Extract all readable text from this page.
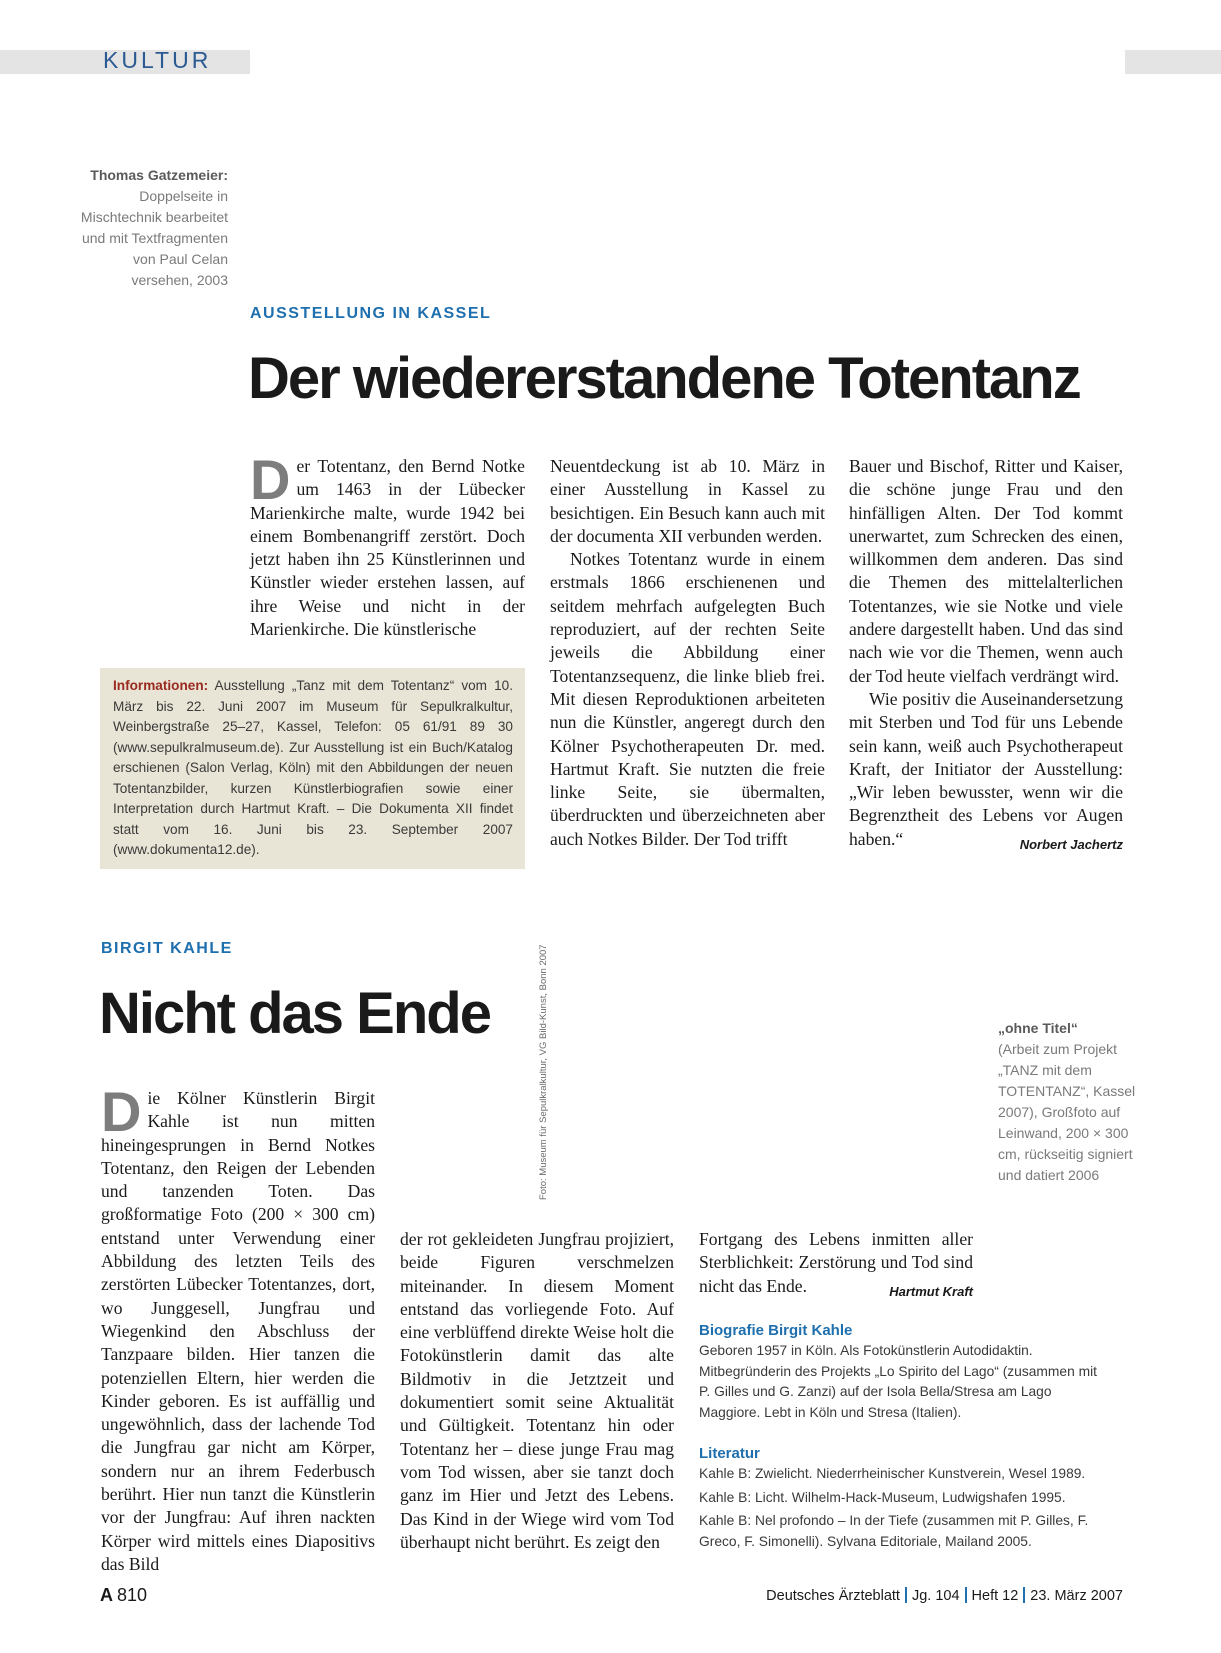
KULTUR
Thomas Gatzemeier: Doppelseite in Mischtechnik bearbeitet und mit Textfragmenten von Paul Celan versehen, 2003
AUSSTELLUNG IN KASSEL
Der wiedererstandene Totentanz
D er Totentanz, den Bernd Notke um 1463 in der Lübecker Marienkirche malte, wurde 1942 bei einem Bombenangriff zerstört. Doch jetzt haben ihn 25 Künstlerinnen und Künstler wieder erstehen lassen, auf ihre Weise und nicht in der Marienkirche. Die künstlerische

Informationen: Ausstellung „Tanz mit dem Totentanz“ vom 10. März bis 22. Juni 2007 im Museum für Sepulkralkultur, Weinbergstraße 25–27, Kassel, Telefon: 05 61/91 89 30 (www.sepulkralmuseum.de). Zur Ausstellung ist ein Buch/Katalog erschienen (Salon Verlag, Köln) mit den Abbildungen der neuen Totentanzbilder, kurzen Künstlerbiografien sowie einer Interpretation durch Hartmut Kraft. – Die Dokumenta XII findet statt vom 16. Juni bis 23. September 2007 (www.dokumenta12.de).

Neuentdeckung ist ab 10. März in einer Ausstellung in Kassel zu besichtigen. Ein Besuch kann auch mit der documenta XII verbunden werden.

Notkes Totentanz wurde in einem erstmals 1866 erschienenen und seitdem mehrfach aufgelegten Buch reproduziert, auf der rechten Seite jeweils die Abbildung einer Totentanzsequenz, die linke blieb frei. Mit diesen Reproduktionen arbeiteten nun die Künstler, angeregt durch den Kölner Psychotherapeuten Dr. med. Hartmut Kraft. Sie nutzten die freie linke Seite, sie übermalten, überdruckten und überzeichneten aber auch Notkes Bilder. Der Tod trifft

Bauer und Bischof, Ritter und Kaiser, die schöne junge Frau und den hinfälligen Alten. Der Tod kommt unerwartet, zum Schrecken des einen, willkommen dem anderen. Das sind die Themen des mittelalterlichen Totentanzes, wie sie Notke und viele andere dargestellt haben. Und das sind nach wie vor die Themen, wenn auch der Tod heute vielfach verdrängt wird.

Wie positiv die Auseinandersetzung mit Sterben und Tod für uns Lebende sein kann, weiß auch Psychotherapeut Kraft, der Initiator der Ausstellung: „Wir leben bewusster, wenn wir die Begrenztheit des Lebens vor Augen haben.“	Norbert Jachertz

BIRGIT KAHLE
Nicht das Ende	Foto: Museum für Sepulkralkultur, VG Bild-Kunst, Bonn 2007	„ohne Titel“
(Arbeit zum Projekt „TANZ mit dem TOTENTANZ“, Kassel 2007), Großfoto auf Leinwand, 200 × 300 cm, rückseitig signiert und datiert 2006
D ie Kölner Künstlerin Birgit Kahle ist nun mitten hineingesprungen in Bernd Notkes Totentanz, den Reigen der Lebenden und tanzenden Toten. Das großformatige Foto (200 × 300 cm) entstand unter Verwendung einer Abbildung des letzten Teils des zerstörten Lübecker Totentanzes, dort, wo Junggesell, Jungfrau und Wiegenkind den Abschluss der Tanzpaare bilden. Hier tanzen die potenziellen Eltern, hier werden die Kinder geboren. Es ist auffällig und ungewöhnlich, dass der lachende Tod die Jungfrau gar nicht am Körper, sondern nur an ihrem Federbusch berührt. Hier nun tanzt die Künstlerin vor der Jungfrau: Auf ihren nackten Körper wird mittels eines Diapositivs das Bild

der rot gekleideten Jungfrau projiziert, beide Figuren verschmelzen miteinander. In diesem Moment entstand das vorliegende Foto. Auf eine verblüffend direkte Weise holt die Fotokünstlerin damit das alte Bildmotiv in die Jetztzeit und dokumentiert somit seine Aktualität und Gültigkeit. Totentanz hin oder Totentanz her – diese junge Frau mag vom Tod wissen, aber sie tanzt doch ganz im Hier und Jetzt des Lebens. Das Kind in der Wiege wird vom Tod überhaupt nicht berührt. Es zeigt den

Fortgang des Lebens inmitten aller Sterblichkeit: Zerstörung und Tod sind nicht das Ende.	Hartmut Kraft

Biografie Birgit Kahle
Geboren 1957 in Köln. Als Fotokünstlerin Autodidaktin. Mitbegründerin des Projekts „Lo Spirito del Lago“ (zusammen mit P. Gilles und G. Zanzi) auf der Isola Bella/Stresa am Lago Maggiore. Lebt in Köln und Stresa (Italien).
Literatur
Kahle B: Zwielicht. Niederrheinischer Kunstverein, Wesel 1989.
Kahle B: Licht. Wilhelm-Hack-Museum, Ludwigshafen 1995.
Kahle B: Nel profondo – In der Tiefe (zusammen mit P. Gilles, F. Greco, F. Simonelli). Sylvana Editoriale, Mailand 2005.
A 810	Deutsches Ärzteblatt Jg. 104 Heft 12 23. März 2007
